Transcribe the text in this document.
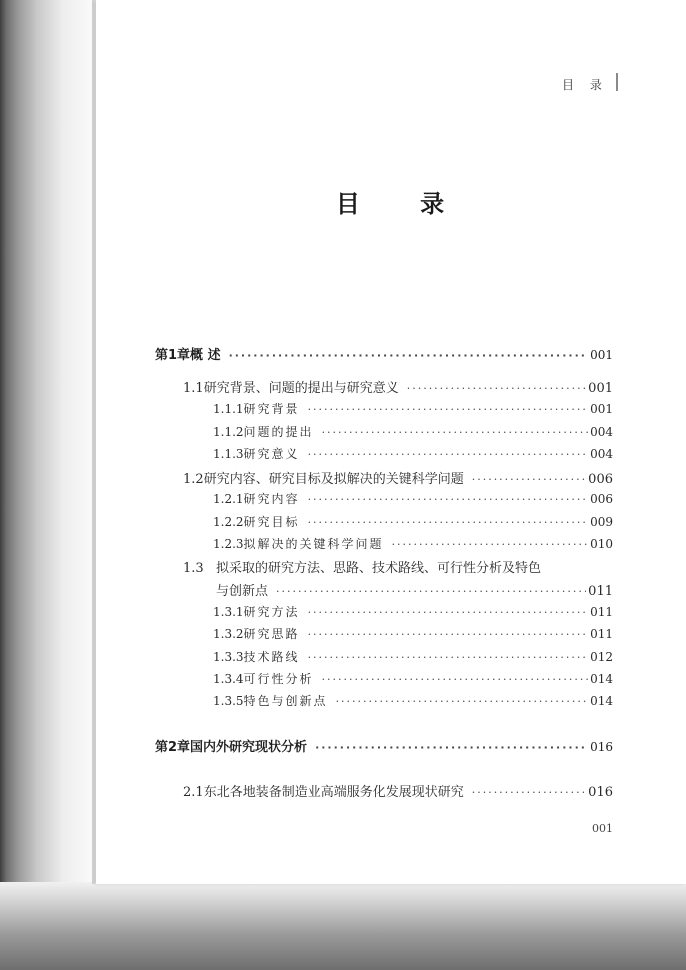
目 录
目 录
第1章 概 述 ·····	001
1.1 研究背景、问题的提出与研究意义 ·····	001
1.1.1 研究背景 ·····	001
1.1.2 问题的提出 ·····	004
1.1.3 研究意义 ·····	004
1.2 研究内容、研究目标及拟解决的关键科学问题 ·····	006
1.2.1 研究内容 ·····	006
1.2.2 研究目标 ·····	009
1.2.3 拟解决的关键科学问题 ·····	010
1.3 拟采取的研究方法、思路、技术路线、可行性分析及特色
与创新点 ·····	011
1.3.1 研究方法 ·····	011
1.3.2 研究思路 ·····	011
1.3.3 技术路线 ·····	012
1.3.4 可行性分析 ·····	014
1.3.5 特色与创新点 ·····	014
第2章 国内外研究现状分析 ·····	016
2.1 东北各地装备制造业高端服务化发展现状研究 ·····	016
001
